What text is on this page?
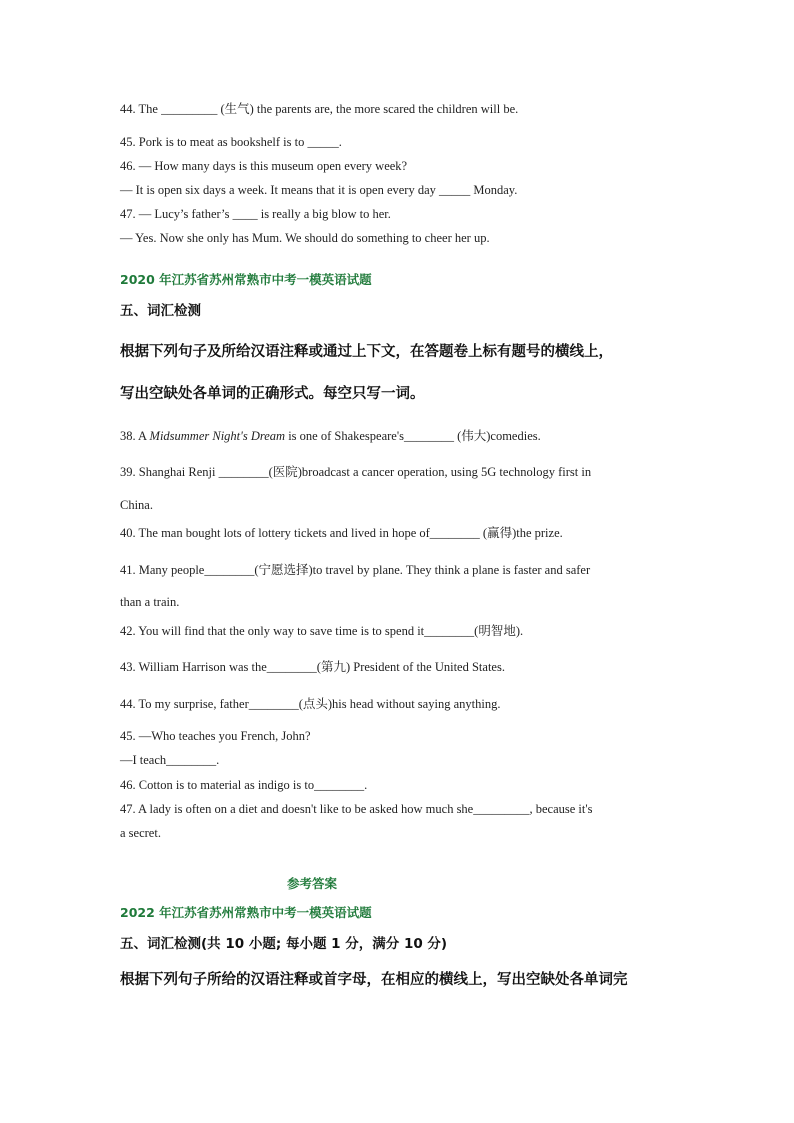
44. The _________ (生气) the parents are, the more scared the children will be.
45. Pork is to meat as bookshelf is to _____.
46. — How many days is this museum open every week?
— It is open six days a week. It means that it is open every day _____ Monday.
47. — Lucy’s father’s ____ is really a big blow to her.
— Yes. Now she only has Mum. We should do something to cheer her up.
2020 年江苏省苏州常熟市中考一模英语试题
五、词汇检测
根据下列句子及所给汉语注释或通过上下文，在答题卷上标有题号的横线上，
写出空缺处各单词的正确形式。每空只写一词。
38. A Midsummer Night's Dream is one of Shakespeare's________ (伟大)comedies.
39. Shanghai Renji ________(医院)broadcast a cancer operation, using 5G technology first in
China.
40. The man bought lots of lottery tickets and lived in hope of________ (赢得)the prize.
41. Many people________(宁愿选择)to travel by plane. They think a plane is faster and safer
than a train.
42. You will find that the only way to save time is to spend it________(明智地).
43. William Harrison was the________(第九) President of the United States.
44. To my surprise, father________(点头)his head without saying anything.
45. —Who teaches you French, John?
—I teach________.
46. Cotton is to material as indigo is to________.
47. A lady is often on a diet and doesn't like to be asked how much she_________, because it's
a secret.
参考答案
2022 年江苏省苏州常熟市中考一模英语试题
五、词汇检测(共 10 小题; 每小题 1 分，满分 10 分)
根据下列句子所给的汉语注释或首字母，在相应的横线上，写出空缺处各单词完
